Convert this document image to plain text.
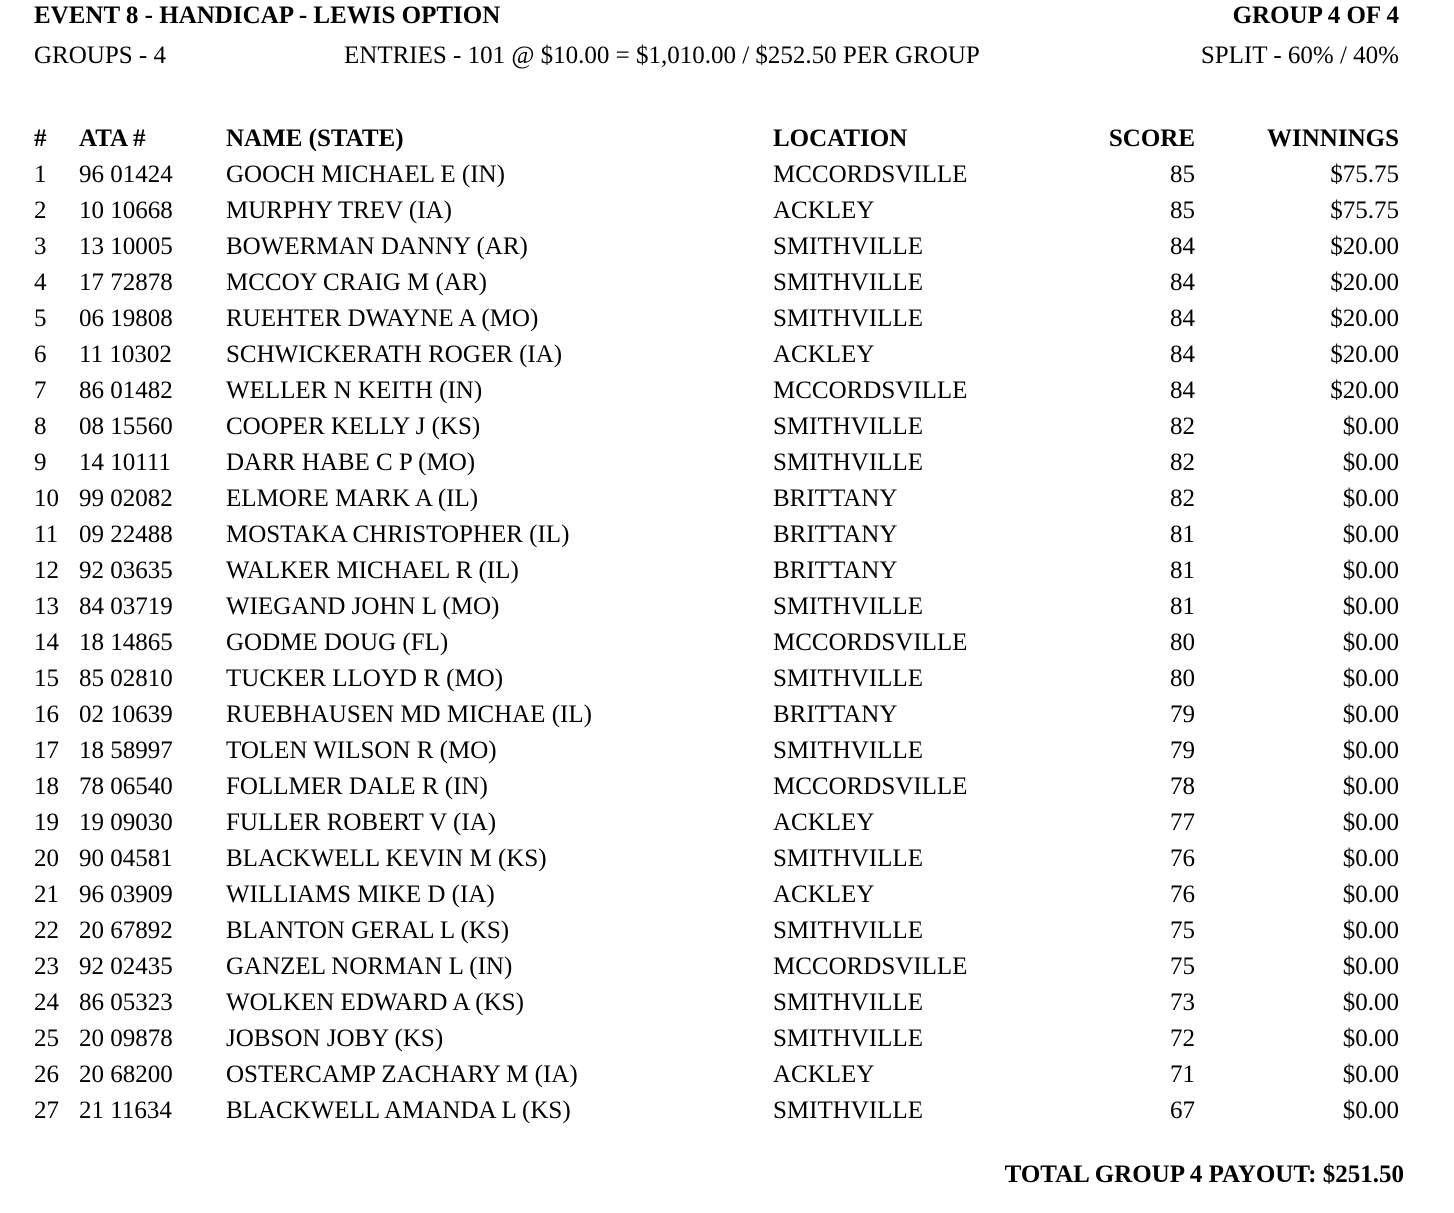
EVENT 8 - HANDICAP - LEWIS OPTION	GROUP 4 OF 4
GROUPS - 4	ENTRIES - 101 @ $10.00 = $1,010.00 / $252.50 PER GROUP	SPLIT - 60% / 40%
# ATA #	NAME (STATE)	LOCATION	SCORE	WINNINGS
1 96 01424 GOOCH MICHAEL E (IN)	MCCORDSVILLE	85	$75.75
2 10 10668 MURPHY TREV (IA)	ACKLEY	85	$75.75
3 13 10005 BOWERMAN DANNY (AR)	SMITHVILLE	84	$20.00
4 17 72878 MCCOY CRAIG M (AR)	SMITHVILLE	84	$20.00
5 06 19808 RUEHTER DWAYNE A (MO)	SMITHVILLE	84	$20.00
6 11 10302 SCHWICKERATH ROGER (IA)	ACKLEY	84	$20.00
7 86 01482 WELLER N KEITH (IN)	MCCORDSVILLE	84	$20.00
8 08 15560 COOPER KELLY J (KS)	SMITHVILLE	82	$0.00
9 14 10111 DARR HABE C P (MO)	SMITHVILLE	82	$0.00
10 99 02082 ELMORE MARK A (IL)	BRITTANY	82	$0.00
11 09 22488 MOSTAKA CHRISTOPHER (IL)	BRITTANY	81	$0.00
12 92 03635 WALKER MICHAEL R (IL)	BRITTANY	81	$0.00
13 84 03719 WIEGAND JOHN L (MO)	SMITHVILLE	81	$0.00
14 18 14865 GODME DOUG (FL)	MCCORDSVILLE	80	$0.00
15 85 02810 TUCKER LLOYD R (MO)	SMITHVILLE	80	$0.00
16 02 10639 RUEBHAUSEN MD MICHAE (IL)	BRITTANY	79	$0.00
17 18 58997 TOLEN WILSON R (MO)	SMITHVILLE	79	$0.00
18 78 06540 FOLLMER DALE R (IN)	MCCORDSVILLE	78	$0.00
19 19 09030 FULLER ROBERT V (IA)	ACKLEY	77	$0.00
20 90 04581 BLACKWELL KEVIN M (KS)	SMITHVILLE	76	$0.00
21 96 03909 WILLIAMS MIKE D (IA)	ACKLEY	76	$0.00
22 20 67892 BLANTON GERAL L (KS)	SMITHVILLE	75	$0.00
23 92 02435 GANZEL NORMAN L (IN)	MCCORDSVILLE	75	$0.00
24 86 05323 WOLKEN EDWARD A (KS)	SMITHVILLE	73	$0.00
25 20 09878 JOBSON JOBY (KS)	SMITHVILLE	72	$0.00
26 20 68200 OSTERCAMP ZACHARY M (IA)	ACKLEY	71	$0.00
27 21 11634 BLACKWELL AMANDA L (KS)	SMITHVILLE	67	$0.00
TOTAL GROUP 4 PAYOUT: $251.50
